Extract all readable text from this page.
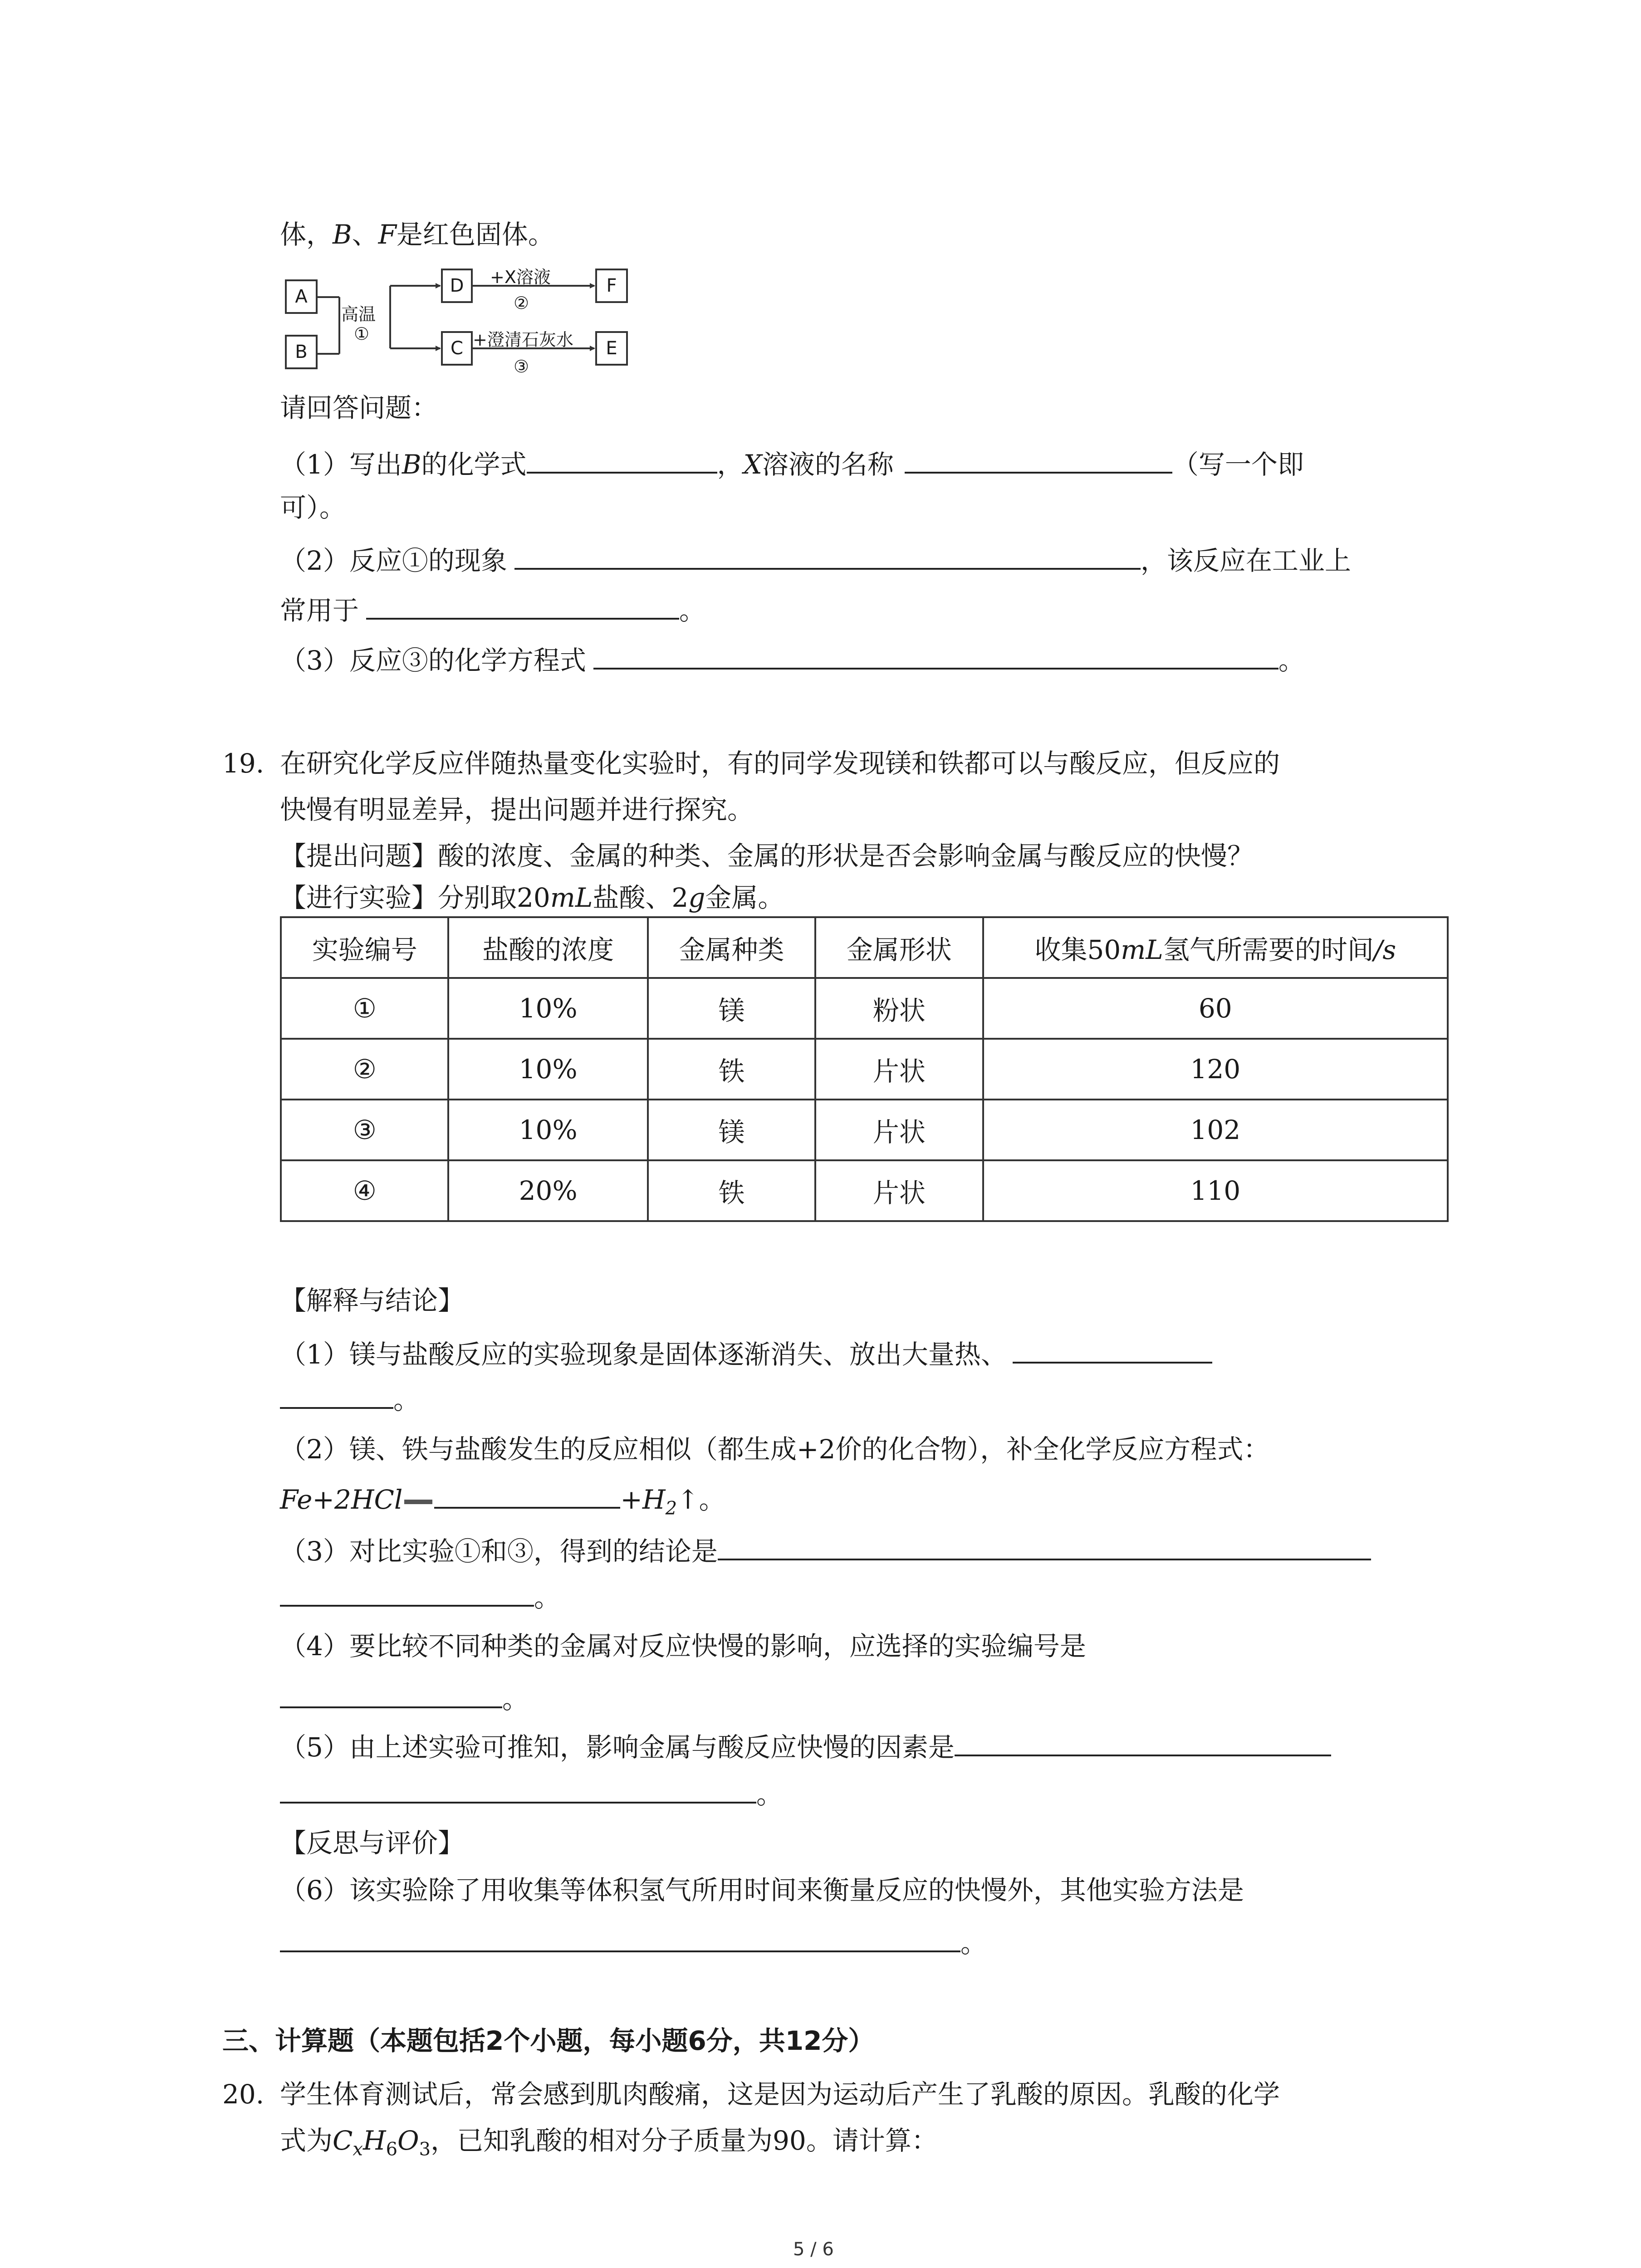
体，B、F是红色固体。
A
B
D
C
F
E
高温
①
+X溶液
②
+澄清石灰水
③
请回答问题：
（1）写出B的化学式	，X溶液的名称	（写一个即
可）。
（2）反应①的现象	，该反应在工业上
常用于	。
（3）反应③的化学方程式	。
19. 在研究化学反应伴随热量变化实验时，有的同学发现镁和铁都可以与酸反应，但反应的
快慢有明显差异，提出问题并进行探究。
【提出问题】酸的浓度、金属的种类、金属的形状是否会影响金属与酸反应的快慢？
【进行实验】分别取20mL盐酸、2g金属。
实验编号	盐酸的浓度	金属种类	金属形状	收集50mL氢气所需要的时间/s
①	10%	镁	粉状	60
②	10%	铁	片状	120
③	10%	镁	片状	102
④	20%	铁	片状	110
【解释与结论】
（1）镁与盐酸反应的实验现象是固体逐渐消失、放出大量热、
。
（2）镁、铁与盐酸发生的反应相似（都生成+2价的化合物），补全化学反应方程式：
Fe+2HCl	$+H_2↑$。
（3）对比实验①和③，得到的结论是
。
（4）要比较不同种类的金属对反应快慢的影响，应选择的实验编号是
。
（5）由上述实验可推知，影响金属与酸反应快慢的因素是
。
【反思与评价】
（6）该实验除了用收集等体积氢气所用时间来衡量反应的快慢外，其他实验方法是
。
三、计算题（本题包括2个小题，每小题6分，共12分）
20. 学生体育测试后，常会感到肌肉酸痛，这是因为运动后产生了乳酸的原因。乳酸的化学
式为$C_xH_6O_3$，已知乳酸的相对分子质量为90。请计算：
5 / 6
